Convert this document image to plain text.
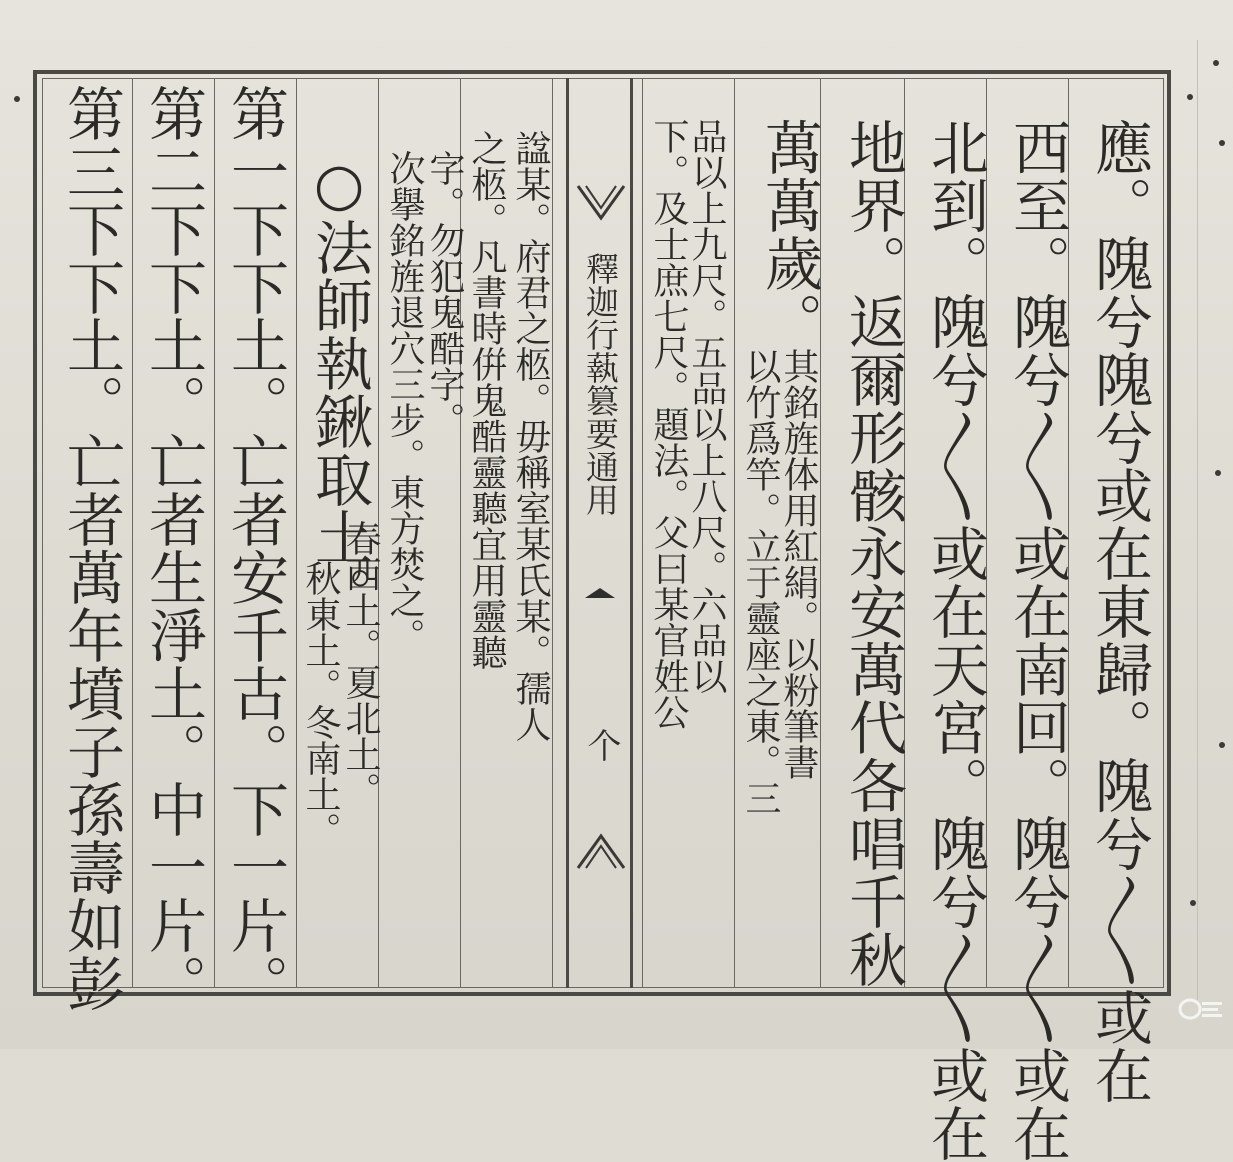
釋迦行蓻篡要通用
个	應。隗兮隗兮或在東歸。隗兮〳〵或在
西至。隗兮〳〵或在南回。隗兮〳〵或在
北到。隗兮〳〵或在天宮。隗兮〳〵或在
地界。返爾形骸永安萬代各唱千秋
萬萬歲。
其銘旌体用紅絹。以粉筆書
以竹爲竿。立于靈座之東。三
品以上九尺。五品以上八尺。六品以
下。及士庶七尺。題法。父曰某官姓公
諡某。府君之柩。毋稱室某氏某。孺人
之柩。凡書時倂鬼酷靈聽宜用靈聽
字。勿犯鬼酷字。
次擧銘旌退穴三步。東方焚之。
○法師執鍬取土。
春西土。夏北土。
秋東土。冬南土。
第一下下土。亡者安千古。下一片。
第二下下土。亡者生淨土。中一片。
第三下下土。亡者萬年墳子孫壽如彭
